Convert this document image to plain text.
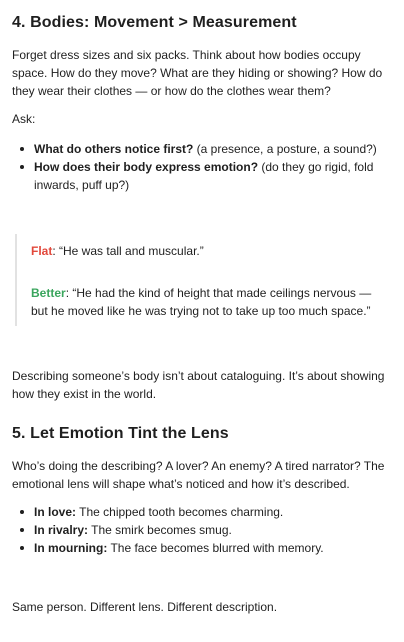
4. Bodies: Movement > Measurement

Forget dress sizes and six packs. Think about how bodies occupy space. How do they move? What are they hiding or showing? How do they wear their clothes — or how do the clothes wear them?

Ask:

What do others notice first? (a presence, a posture, a sound?)
How does their body express emotion? (do they go rigid, fold inwards, puff up?)

Flat: “He was tall and muscular.”

Better: “He had the kind of height that made ceilings nervous — but he moved like he was trying not to take up too much space.”

Describing someone’s body isn’t about cataloguing. It’s about showing how they exist in the world.

5. Let Emotion Tint the Lens

Who’s doing the describing? A lover? An enemy? A tired narrator? The emotional lens will shape what’s noticed and how it’s described.

In love: The chipped tooth becomes charming.
In rivalry: The smirk becomes smug.
In mourning: The face becomes blurred with memory.

Same person. Different lens. Different description.
